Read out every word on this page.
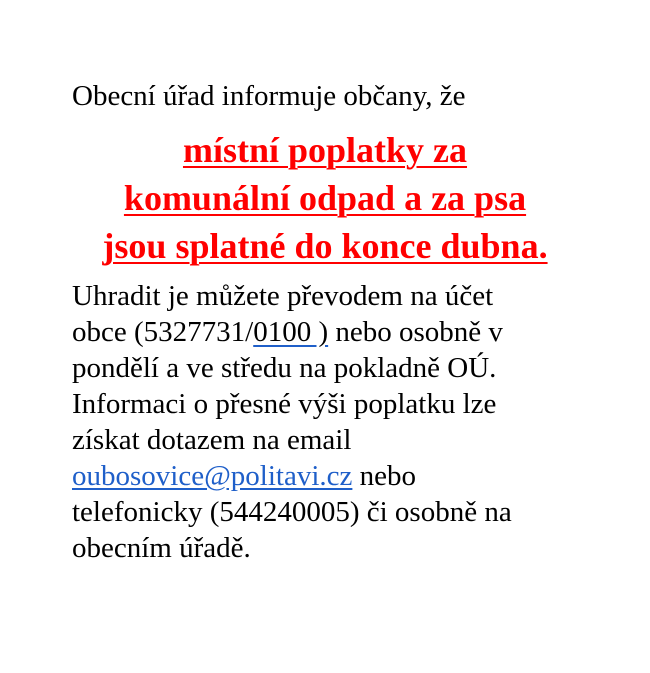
Obecní úřad informuje občany, že

místní poplatky za
komunální odpad a za psa
jsou splatné do konce dubna.
Uhradit je můžete převodem na účet
obce (5327731/0100 ) nebo osobně v
pondělí a ve středu na pokladně OÚ.
Informaci o přesné výši poplatku lze
získat dotazem na email
oubosovice@politavi.cz nebo
telefonicky (544240005) či osobně na
obecním úřadě.
